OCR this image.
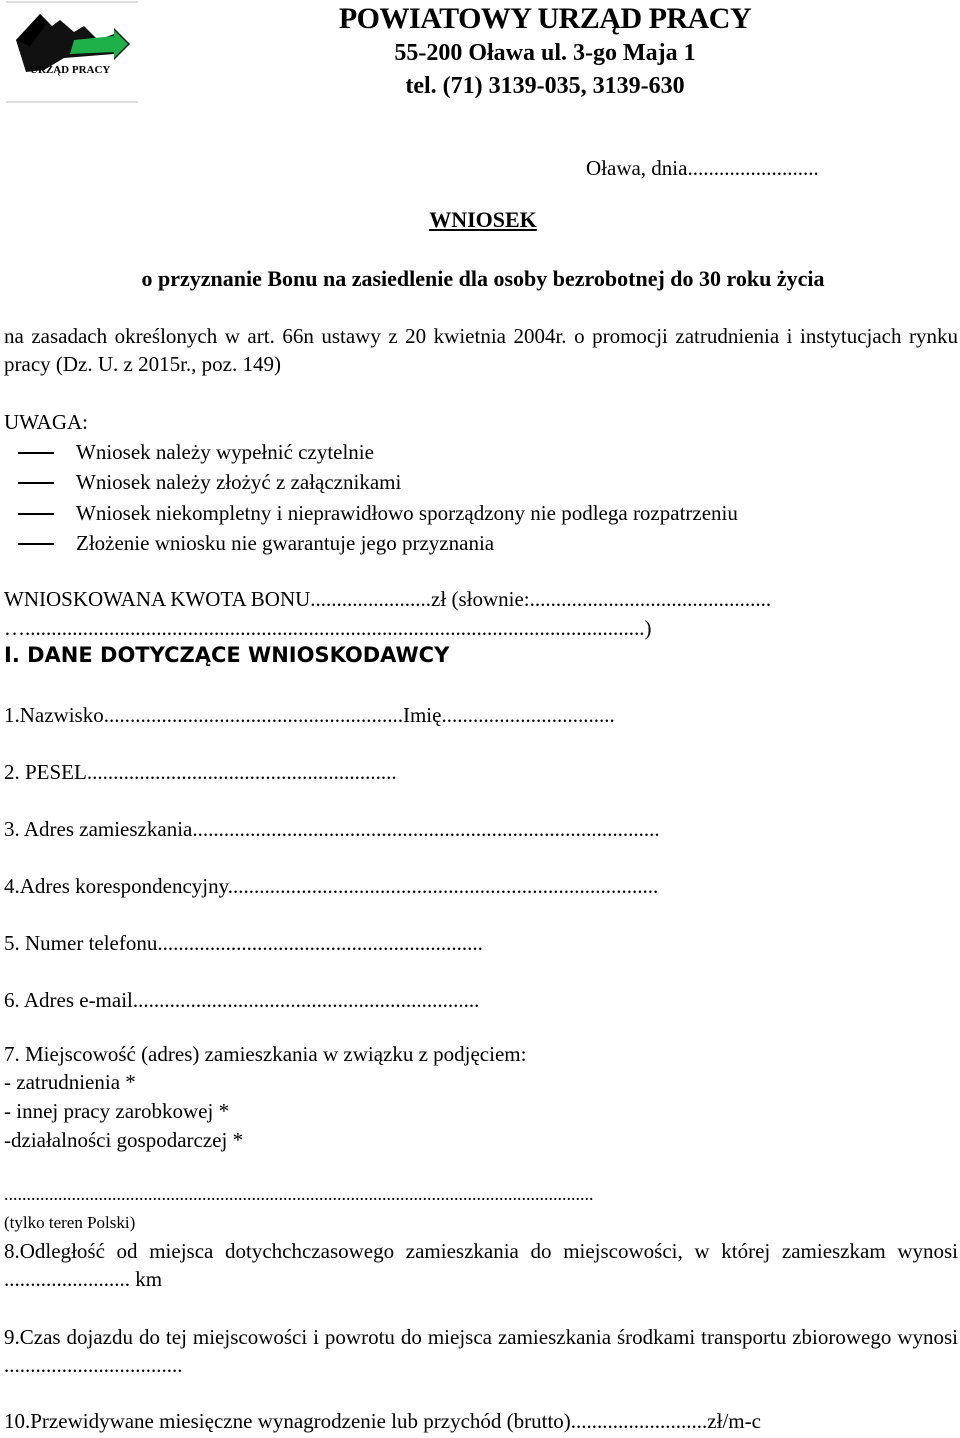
URZĄD PRACY
POWIATOWY URZĄD PRACY
55-200 Oława ul. 3-go Maja 1
tel. (71) 3139-035, 3139-630
Oława, dnia.........................
WNIOSEK
o przyznanie Bonu na zasiedlenie dla osoby bezrobotnej do 30 roku życia
na zasadach określonych w art. 66n ustawy z 20 kwietnia 2004r. o promocji zatrudnienia i instytucjach rynku pracy (Dz. U. z 2015r., poz. 149)
UWAGA:
Wniosek należy wypełnić czytelnie
Wniosek należy złożyć z załącznikami
Wniosek niekompletny i nieprawidłowo sporządzony nie podlega rozpatrzeniu
Złożenie wniosku nie gwarantuje jego przyznania
WNIOSKOWANA KWOTA BONU.......................zł (słownie:..............................................
…......................................................................................................................)
I. DANE DOTYCZĄCE WNIOSKODAWCY
1.Nazwisko.........................................................Imię.................................
2. PESEL...........................................................
3. Adres zamieszkania.........................................................................................
4.Adres korespondencyjny..................................................................................
5. Numer telefonu..............................................................
6. Adres e-mail..................................................................
7. Miejscowość (adres) zamieszkania w związku z podjęciem:
- zatrudnienia *
- innej pracy zarobkowej *
-działalności gospodarczej *
...................................................................................................................................
(tylko teren Polski)
8.Odległość od miejsca dotychchczasowego zamieszkania do miejscowości, w której zamieszkam wynosi ........................ km
9.Czas dojazdu do tej miejscowości i powrotu do miejsca zamieszkania środkami transportu zbiorowego wynosi ..................................
10.Przewidywane miesięczne wynagrodzenie lub przychód (brutto)..........................zł/m-c
